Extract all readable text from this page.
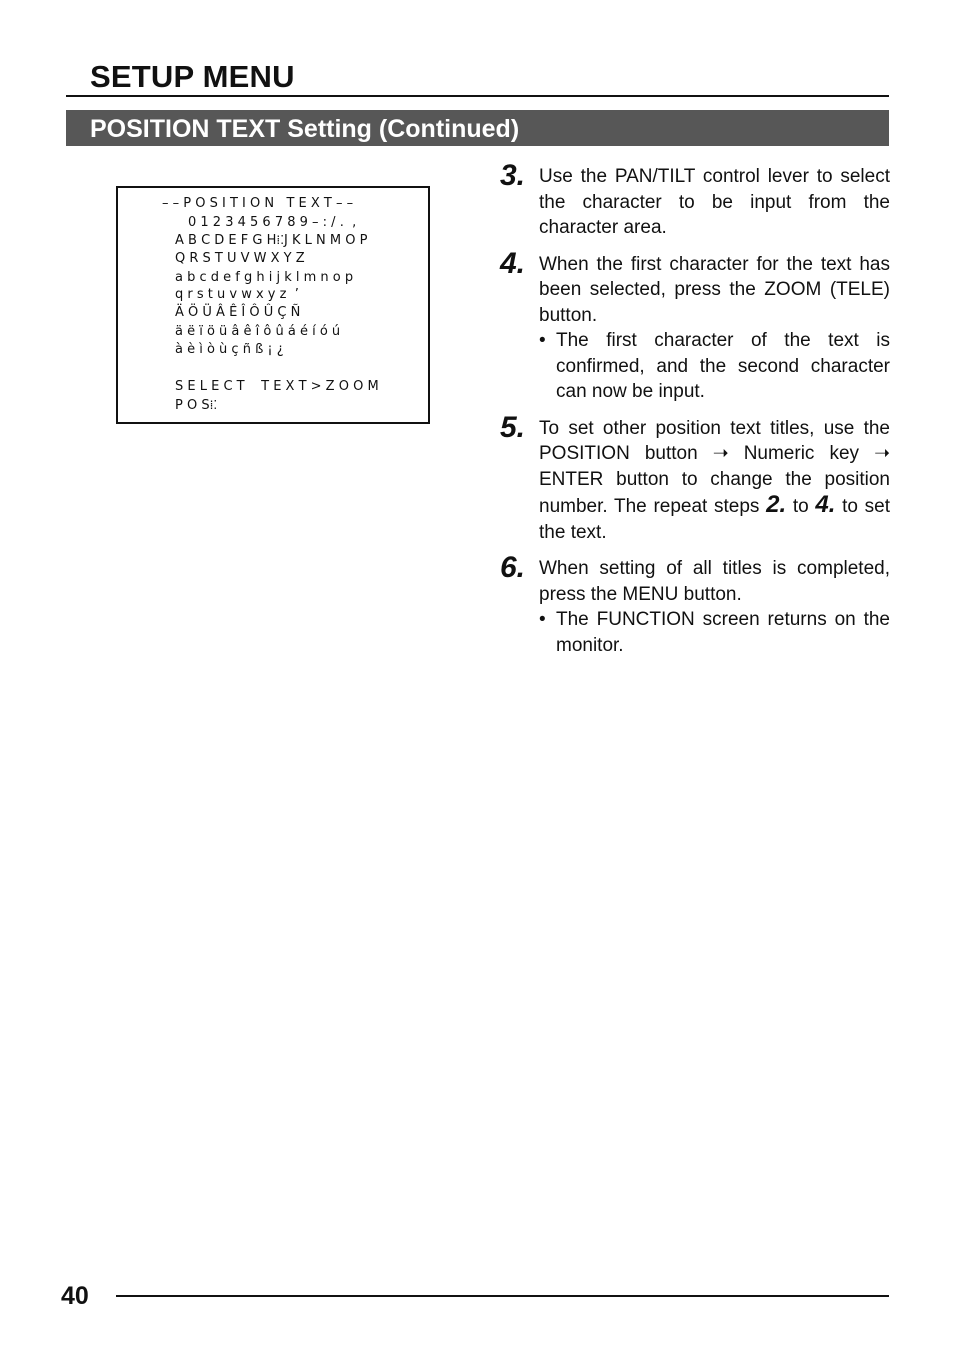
SETUP MENU
POSITION TEXT Setting (Continued)
– – P O S I T I O N   T E X T – –
0 1 2 3 4 5 6 7 8 9 – : / .  ,
A B C D E F G H⁞⁚J K L N M O P
Q R S T U V W X Y Z
a b c d e f g h i j k l m n o p
q r s t u v w x y z  ’
Ä Ö Ü Â Ê Î Ô Û Ç Ñ
ä ë ï ö ü â ê î ô û á é í ó ú
à è ì ò ù ç ñ ß ¡ ¿
S E L E C T    T E X T > Z O O M
P O S⁞⁚
3. Use the PAN/TILT control lever to select the character to be input from the character area.
4. When the first character for the text has been selected, press the ZOOM (TELE) button.
• The first character of the text is confirmed, and the second character can now be input.
5. To set other position text titles, use the POSITION button ➝ Numeric key ➝ ENTER button to change the position number. The repeat steps 2. to 4. to set the text.
6. When setting of all titles is completed, press the MENU button.
• The FUNCTION screen returns on the monitor.
40
